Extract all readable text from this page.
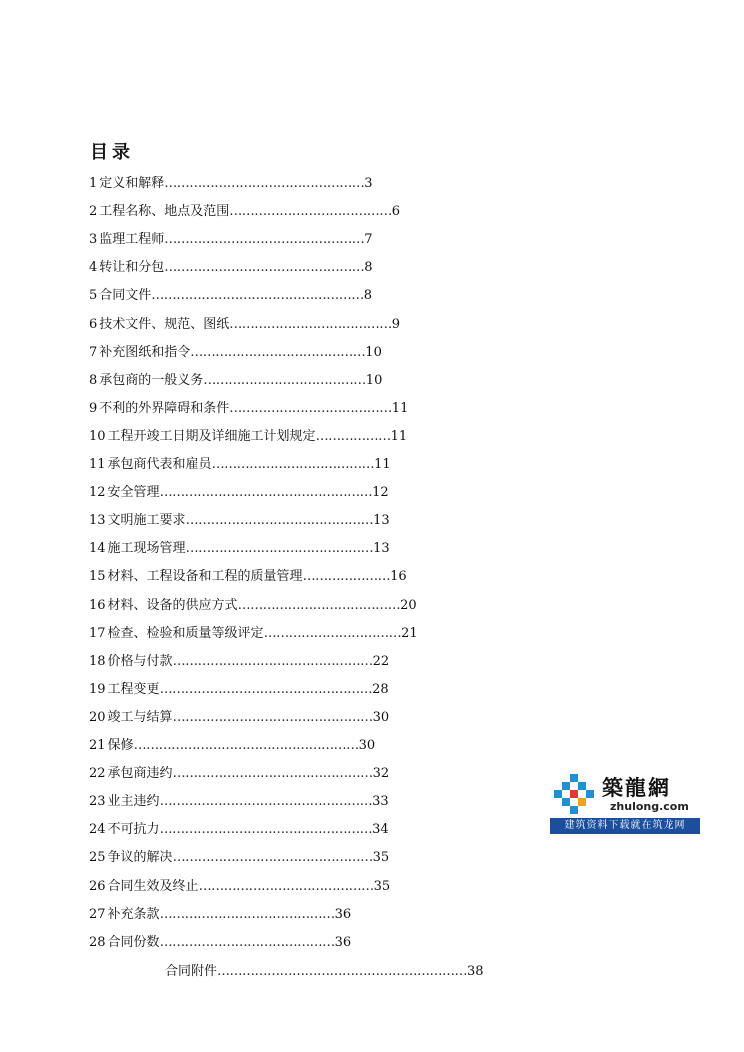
目录
1 定义和解释…………………………………………3
2 工程名称、地点及范围…………………………………6
3 监理工程师…………………………………………7
4 转让和分包…………………………………………8
5 合同文件……………………………………………8
6 技术文件、规范、图纸…………………………………9
7 补充图纸和指令……………………………………10
8 承包商的一般义务…………………………………10
9 不利的外界障碍和条件…………………………………11
10 工程开竣工日期及详细施工计划规定………………11
11 承包商代表和雇员…………………………………11
12 安全管理……………………………………………12
13 文明施工要求………………………………………13
14 施工现场管理………………………………………13
15 材料、工程设备和工程的质量管理…………………16
16 材料、设备的供应方式…………………………………20
17 检查、检验和质量等级评定……………………………21
18 价格与付款…………………………………………22
19 工程变更……………………………………………28
20 竣工与结算…………………………………………30
21 保修………………………………………………30
22 承包商违约…………………………………………32
23 业主违约……………………………………………33
24 不可抗力……………………………………………34
25 争议的解决…………………………………………35
26 合同生效及终止……………………………………35
27 补充条款……………………………………36
28 合同份数……………………………………36
合同附件……………………………………………………38
築龍網
zhulong.com
建筑资料下载就在筑龙网
